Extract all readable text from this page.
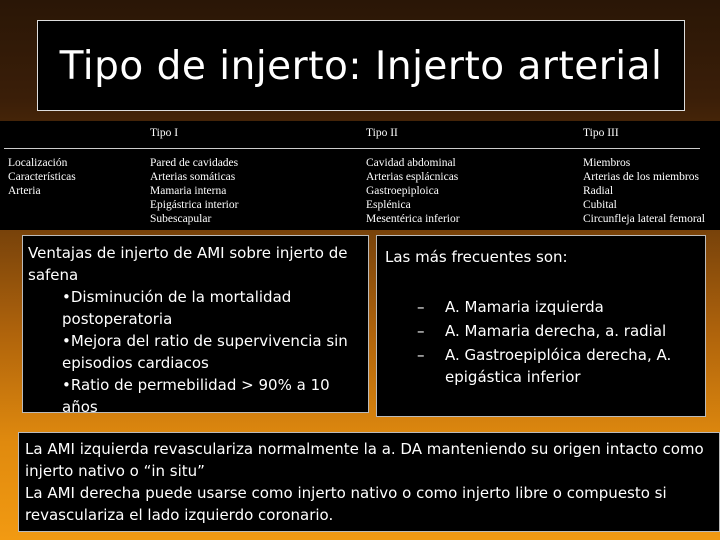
Tipo de injerto: Injerto arterial
Tipo I	Tipo II	Tipo III
Localización
Características
Arteria
Pared de cavidades
Arterias somáticas
Mamaria interna
Epigástrica interior
Subescapular
Cavidad abdominal
Arterias esplácnicas
Gastroepiploica
Esplénica
Mesentérica inferior
Miembros
Arterias de los miembros
Radial
Cubital
Circunfleja lateral femoral
Ventajas de injerto de AMI sobre injerto de safena
•Disminución de la mortalidad postoperatoria
•Mejora del ratio de supervivencia sin episodios cardiacos
•Ratio de permebilidad > 90% a 10 años
Las más frecuentes son:
– A. Mamaria izquierda
– A. Mamaria derecha, a. radial
– A. Gastroepiplóica derecha, A. epigástica inferior
La AMI izquierda revasculariza normalmente la a. DA manteniendo su origen intacto como injerto nativo o “in situ”
La AMI derecha puede usarse como injerto nativo o como injerto libre o compuesto si revasculariza el lado izquierdo coronario.
